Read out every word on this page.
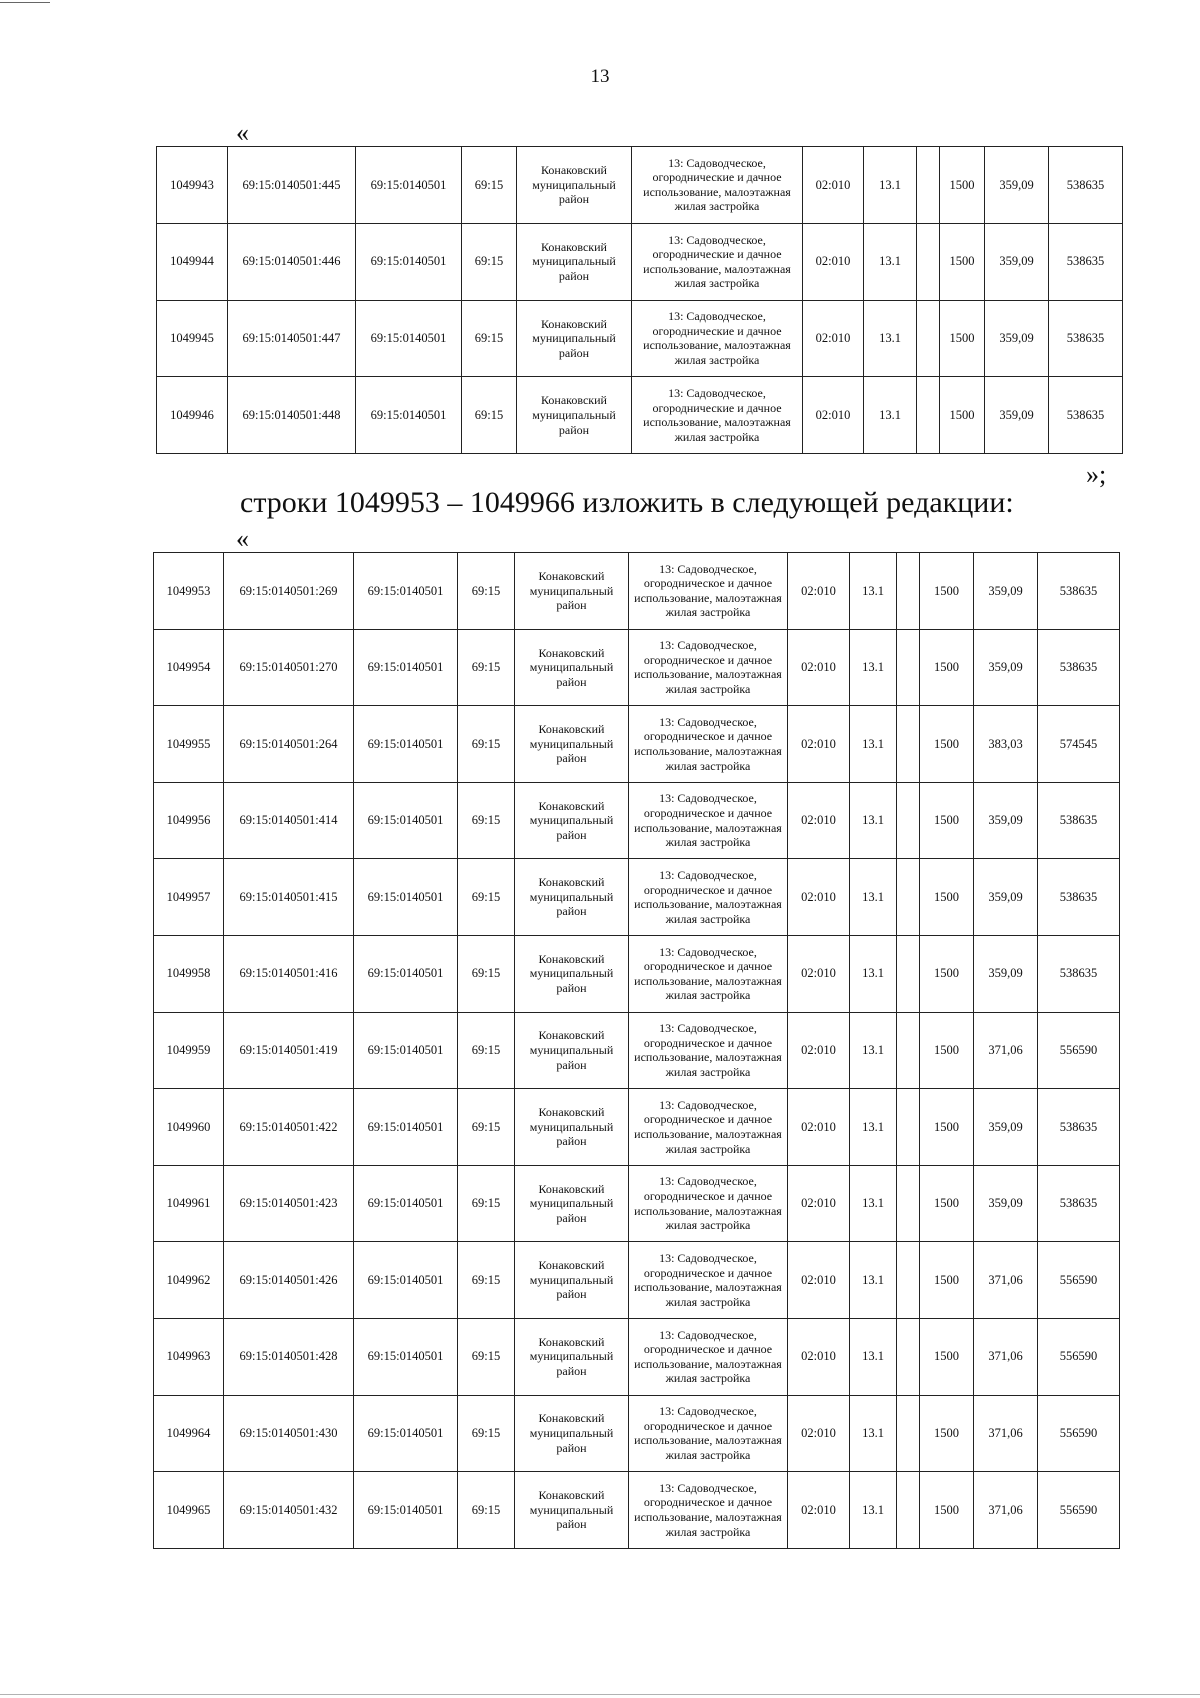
13
«
1049943	69:15:0140501:445	69:15:0140501	69:15	Конаковский муниципальный район	13: Садоводческое, огороднические и дачное использование, малоэтажная жилая застройка	02:010	13.1		1500	359,09	538635
1049944	69:15:0140501:446	69:15:0140501	69:15	Конаковский муниципальный район	13: Садоводческое, огороднические и дачное использование, малоэтажная жилая застройка	02:010	13.1		1500	359,09	538635
1049945	69:15:0140501:447	69:15:0140501	69:15	Конаковский муниципальный район	13: Садоводческое, огороднические и дачное использование, малоэтажная жилая застройка	02:010	13.1		1500	359,09	538635
1049946	69:15:0140501:448	69:15:0140501	69:15	Конаковский муниципальный район	13: Садоводческое, огороднические и дачное использование, малоэтажная жилая застройка	02:010	13.1		1500	359,09	538635
»;
строки 1049953 – 1049966 изложить в следующей редакции:
«
1049953	69:15:0140501:269	69:15:0140501	69:15	Конаковский муниципальный район	13: Садоводческое, огородническое и дачное использование, малоэтажная жилая застройка	02:010	13.1		1500	359,09	538635
1049954	69:15:0140501:270	69:15:0140501	69:15	Конаковский муниципальный район	13: Садоводческое, огородническое и дачное использование, малоэтажная жилая застройка	02:010	13.1		1500	359,09	538635
1049955	69:15:0140501:264	69:15:0140501	69:15	Конаковский муниципальный район	13: Садоводческое, огородническое и дачное использование, малоэтажная жилая застройка	02:010	13.1		1500	383,03	574545
1049956	69:15:0140501:414	69:15:0140501	69:15	Конаковский муниципальный район	13: Садоводческое, огородническое и дачное использование, малоэтажная жилая застройка	02:010	13.1		1500	359,09	538635
1049957	69:15:0140501:415	69:15:0140501	69:15	Конаковский муниципальный район	13: Садоводческое, огородническое и дачное использование, малоэтажная жилая застройка	02:010	13.1		1500	359,09	538635
1049958	69:15:0140501:416	69:15:0140501	69:15	Конаковский муниципальный район	13: Садоводческое, огородническое и дачное использование, малоэтажная жилая застройка	02:010	13.1		1500	359,09	538635
1049959	69:15:0140501:419	69:15:0140501	69:15	Конаковский муниципальный район	13: Садоводческое, огородническое и дачное использование, малоэтажная жилая застройка	02:010	13.1		1500	371,06	556590
1049960	69:15:0140501:422	69:15:0140501	69:15	Конаковский муниципальный район	13: Садоводческое, огородническое и дачное использование, малоэтажная жилая застройка	02:010	13.1		1500	359,09	538635
1049961	69:15:0140501:423	69:15:0140501	69:15	Конаковский муниципальный район	13: Садоводческое, огородническое и дачное использование, малоэтажная жилая застройка	02:010	13.1		1500	359,09	538635
1049962	69:15:0140501:426	69:15:0140501	69:15	Конаковский муниципальный район	13: Садоводческое, огородническое и дачное использование, малоэтажная жилая застройка	02:010	13.1		1500	371,06	556590
1049963	69:15:0140501:428	69:15:0140501	69:15	Конаковский муниципальный район	13: Садоводческое, огородническое и дачное использование, малоэтажная жилая застройка	02:010	13.1		1500	371,06	556590
1049964	69:15:0140501:430	69:15:0140501	69:15	Конаковский муниципальный район	13: Садоводческое, огородническое и дачное использование, малоэтажная жилая застройка	02:010	13.1		1500	371,06	556590
1049965	69:15:0140501:432	69:15:0140501	69:15	Конаковский муниципальный район	13: Садоводческое, огородническое и дачное использование, малоэтажная жилая застройка	02:010	13.1		1500	371,06	556590
